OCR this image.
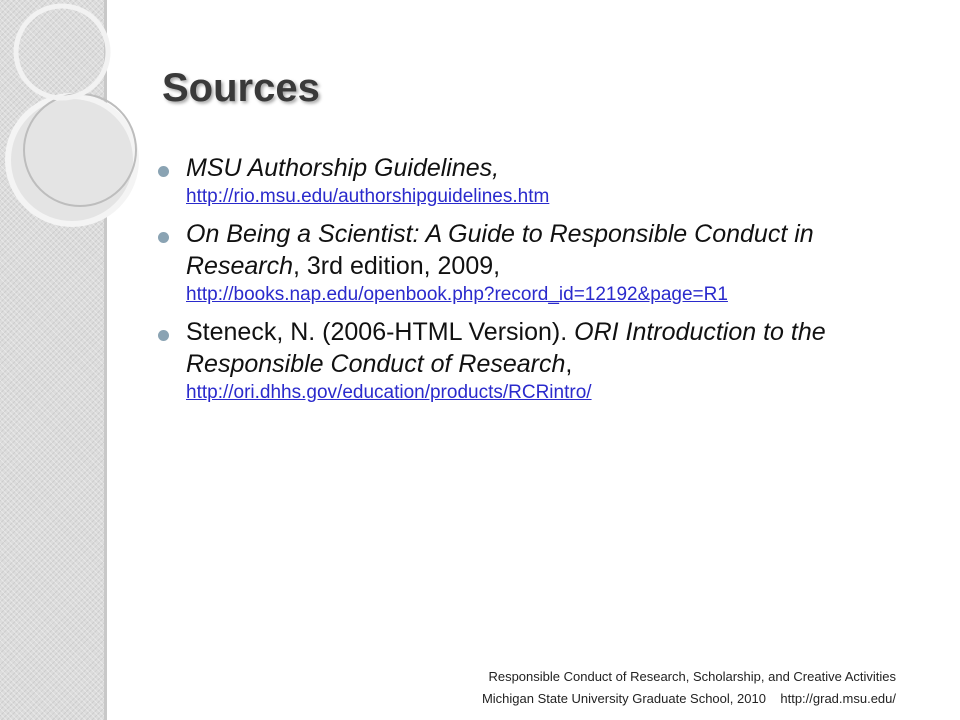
Sources
MSU Authorship Guidelines,
http://rio.msu.edu/authorshipguidelines.htm
On Being a Scientist: A Guide to Responsible Conduct in Research, 3rd edition, 2009,
http://books.nap.edu/openbook.php?record_id=12192&page=R1
Steneck, N. (2006-HTML Version). ORI Introduction to the Responsible Conduct of Research,
http://ori.dhhs.gov/education/products/RCRintro/
Responsible Conduct of Research, Scholarship, and Creative Activities
Michigan State University Graduate School, 2010    http://grad.msu.edu/
